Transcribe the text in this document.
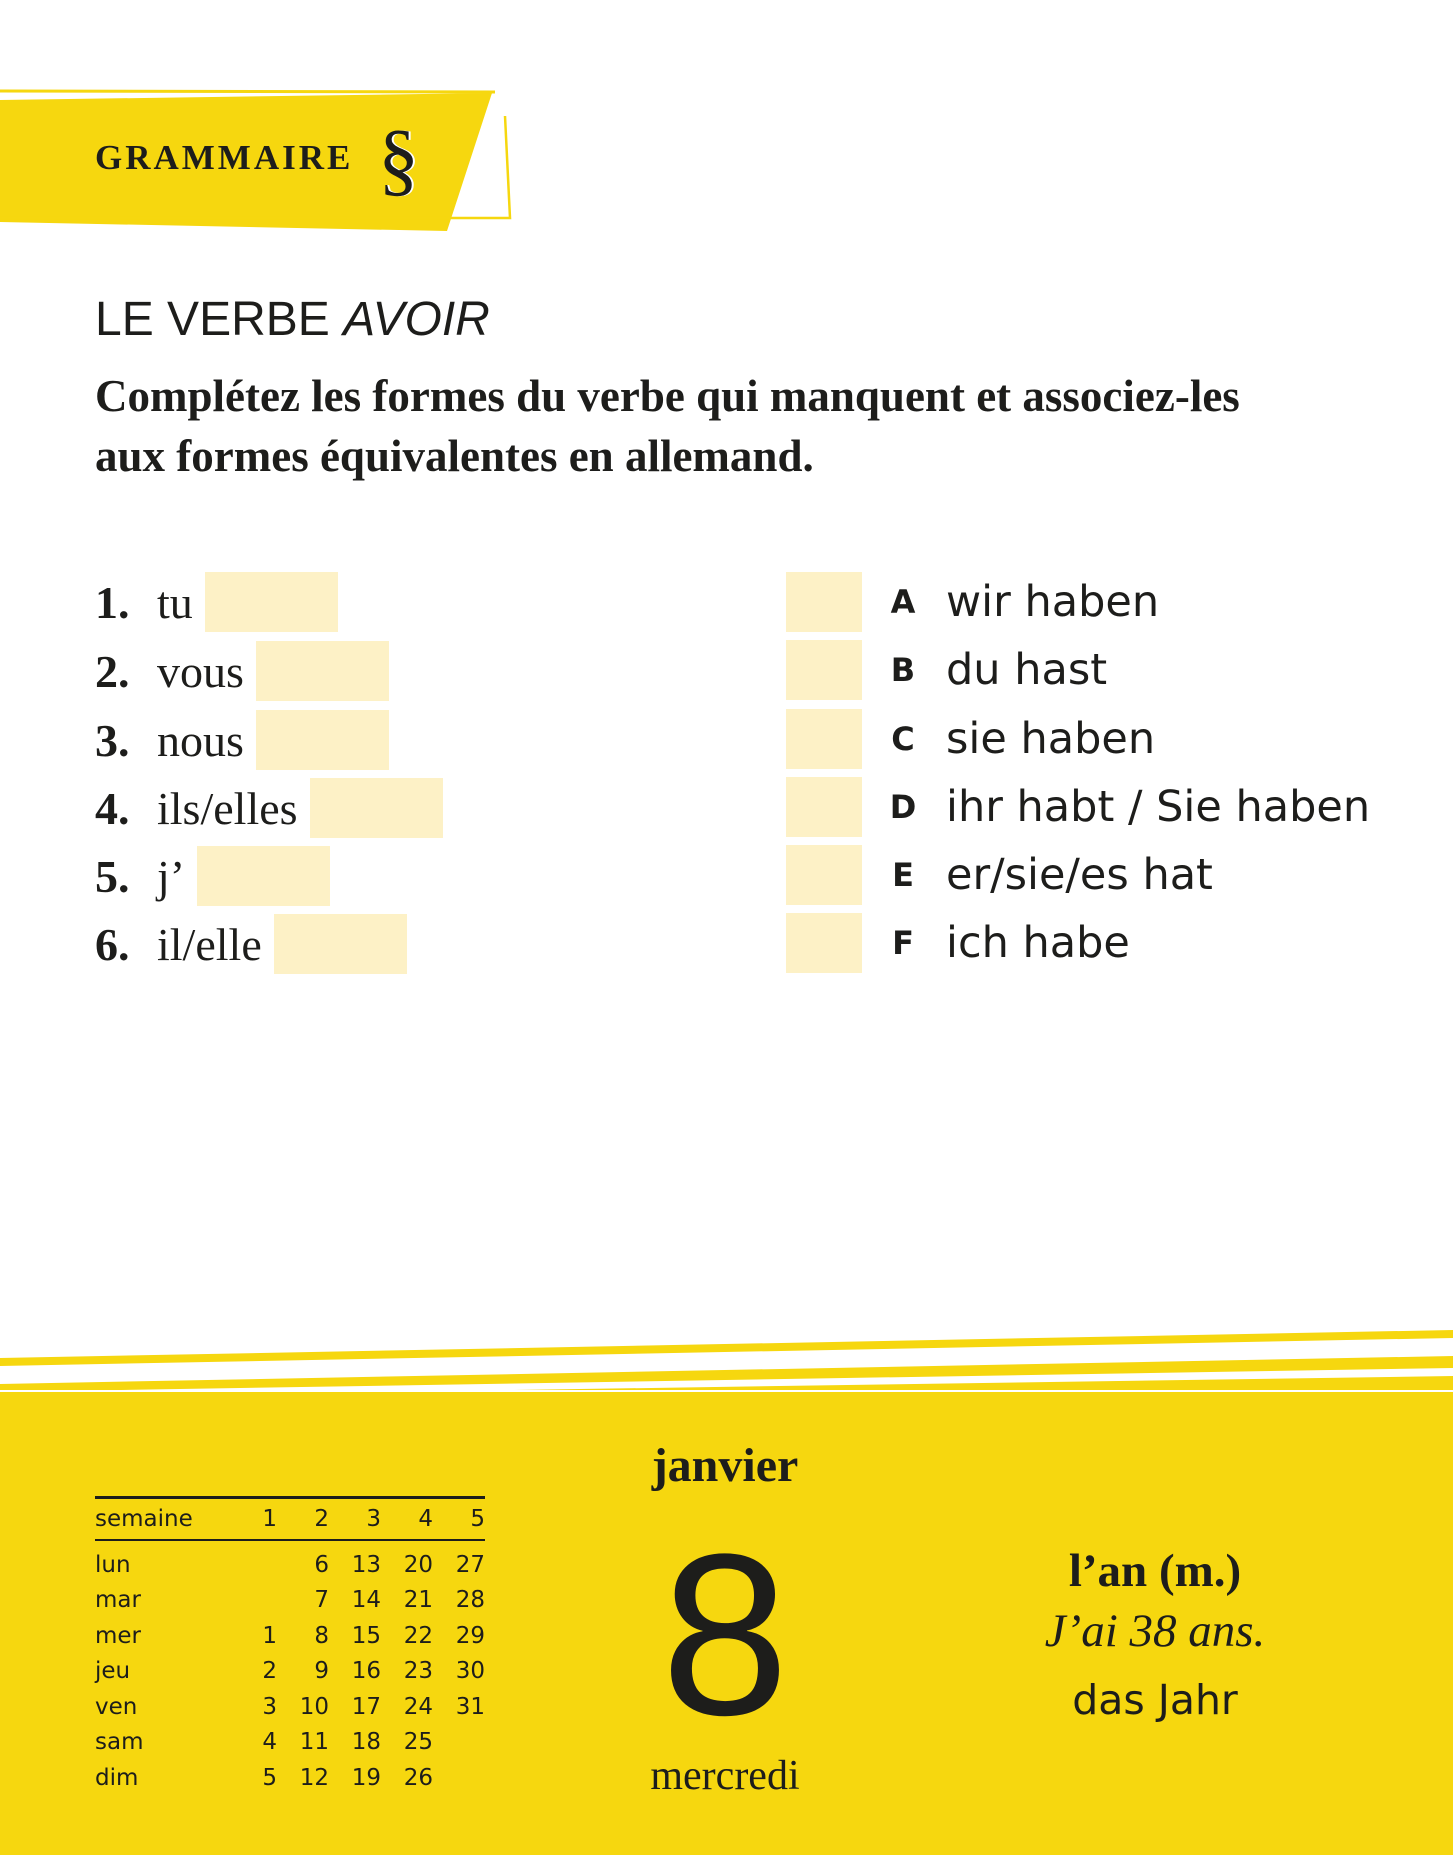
GRAMMAIRE §
LE VERBE AVOIR
Complétez les formes du verbe qui manquent et associez-les aux formes équivalentes en allemand.
1. tu
2. vous
3. nous
4. ils/elles
5. j’
6. il/elle
A wir haben
B du hast
C sie haben
D ihr habt / Sie haben
E er/sie/es hat
F ich habe
semaine	1	2	3	4	5
lun		6	13	20	27
mar		7	14	21	28
mer	1	8	15	22	29
jeu	2	9	16	23	30
ven	3	10	17	24	31
sam	4	11	18	25	
dim	5	12	19	26	
janvier
8
mercredi
l’an (m.)
J’ai 38 ans.
das Jahr
